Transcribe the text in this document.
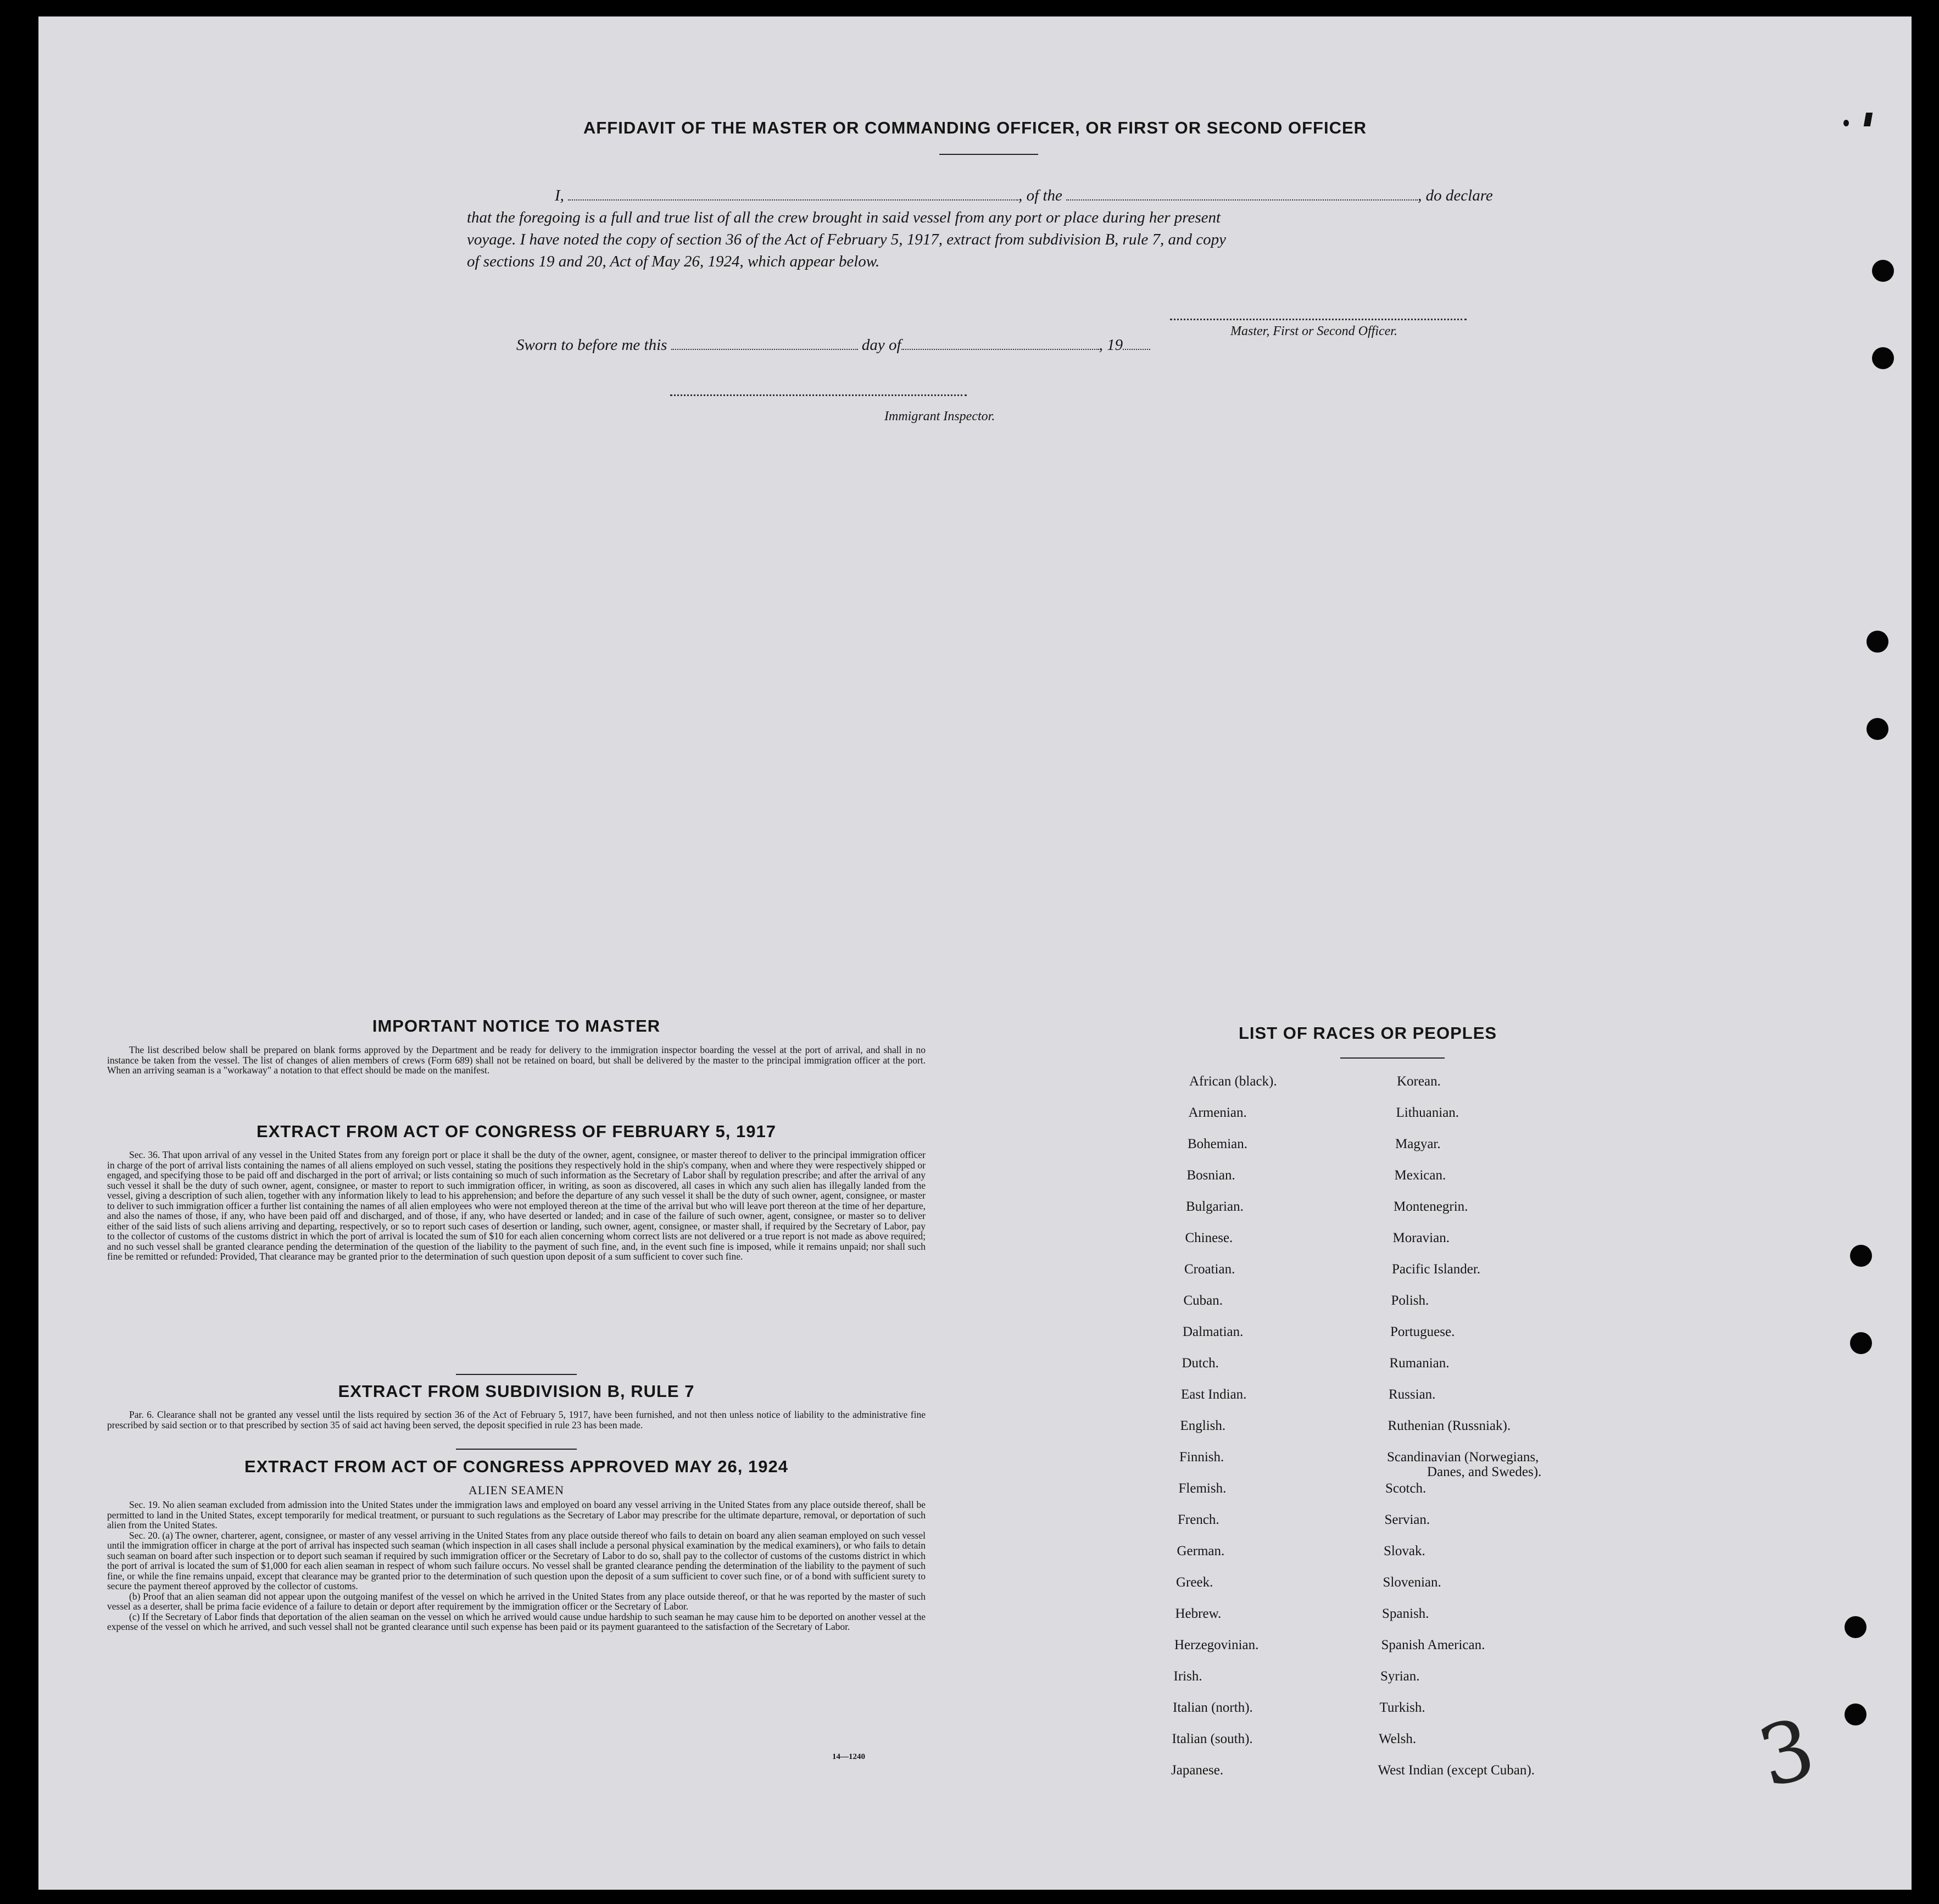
AFFIDAVIT OF THE MASTER OR COMMANDING OFFICER, OR FIRST OR SECOND OFFICER
I,	, of the	, do declare
that the foregoing is a full and true list of all the crew brought in said vessel from any port or place during her present
voyage. I have noted the copy of section 36 of the Act of February 5, 1917, extract from subdivision B, rule 7, and copy
of sections 19 and 20, Act of May 26, 1924, which appear below.
Master, First or Second Officer.
Sworn to before me this	day of	, 19
Immigrant Inspector.
IMPORTANT NOTICE TO MASTER

The list described below shall be prepared on blank forms approved by the Department and be ready for delivery to the immigration inspector boarding the vessel at the port of arrival, and shall in no instance be taken from the vessel. The list of changes of alien members of crews (Form 689) shall not be retained on board, but shall be delivered by the master to the principal immigration officer at the port. When an arriving seaman is a "workaway" a notation to that effect should be made on the manifest.

EXTRACT FROM ACT OF CONGRESS OF FEBRUARY 5, 1917

Sec. 36. That upon arrival of any vessel in the United States from any foreign port or place it shall be the duty of the owner, agent, consignee, or master thereof to deliver to the principal immigration officer in charge of the port of arrival lists containing the names of all aliens employed on such vessel, stating the positions they respectively hold in the ship's company, when and where they were respectively shipped or engaged, and specifying those to be paid off and discharged in the port of arrival; or lists containing so much of such information as the Secretary of Labor shall by regulation prescribe; and after the arrival of any such vessel it shall be the duty of such owner, agent, consignee, or master to report to such immigration officer, in writing, as soon as discovered, all cases in which any such alien has illegally landed from the vessel, giving a description of such alien, together with any information likely to lead to his apprehension; and before the departure of any such vessel it shall be the duty of such owner, agent, consignee, or master to deliver to such immigration officer a further list containing the names of all alien employees who were not employed thereon at the time of the arrival but who will leave port thereon at the time of her departure, and also the names of those, if any, who have been paid off and discharged, and of those, if any, who have deserted or landed; and in case of the failure of such owner, agent, consignee, or master so to deliver either of the said lists of such aliens arriving and departing, respectively, or so to report such cases of desertion or landing, such owner, agent, consignee, or master shall, if required by the Secretary of Labor, pay to the collector of customs of the customs district in which the port of arrival is located the sum of $10 for each alien concerning whom correct lists are not delivered or a true report is not made as above required; and no such vessel shall be granted clearance pending the determination of the question of the liability to the payment of such fine, and, in the event such fine is imposed, while it remains unpaid; nor shall such fine be remitted or refunded: Provided, That clearance may be granted prior to the determination of such question upon deposit of a sum sufficient to cover such fine.

EXTRACT FROM SUBDIVISION B, RULE 7

Par. 6. Clearance shall not be granted any vessel until the lists required by section 36 of the Act of February 5, 1917, have been furnished, and not then unless notice of liability to the administrative fine prescribed by said section or to that prescribed by section 35 of said act having been served, the deposit specified in rule 23 has been made.

EXTRACT FROM ACT OF CONGRESS APPROVED MAY 26, 1924
ALIEN SEAMEN

Sec. 19. No alien seaman excluded from admission into the United States under the immigration laws and employed on board any vessel arriving in the United States from any place outside thereof, shall be permitted to land in the United States, except temporarily for medical treatment, or pursuant to such regulations as the Secretary of Labor may prescribe for the ultimate departure, removal, or deportation of such alien from the United States.

Sec. 20. (a) The owner, charterer, agent, consignee, or master of any vessel arriving in the United States from any place outside thereof who fails to detain on board any alien seaman employed on such vessel until the immigration officer in charge at the port of arrival has inspected such seaman (which inspection in all cases shall include a personal physical examination by the medical examiners), or who fails to detain such seaman on board after such inspection or to deport such seaman if required by such immigration officer or the Secretary of Labor to do so, shall pay to the collector of customs of the customs district in which the port of arrival is located the sum of $1,000 for each alien seaman in respect of whom such failure occurs. No vessel shall be granted clearance pending the determination of the liability to the payment of such fine, or while the fine remains unpaid, except that clearance may be granted prior to the determination of such question upon the deposit of a sum sufficient to cover such fine, or of a bond with sufficient surety to secure the payment thereof approved by the collector of customs.

(b) Proof that an alien seaman did not appear upon the outgoing manifest of the vessel on which he arrived in the United States from any place outside thereof, or that he was reported by the master of such vessel as a deserter, shall be prima facie evidence of a failure to detain or deport after requirement by the immigration officer or the Secretary of Labor.

(c) If the Secretary of Labor finds that deportation of the alien seaman on the vessel on which he arrived would cause undue hardship to such seaman he may cause him to be deported on another vessel at the expense of the vessel on which he arrived, and such vessel shall not be granted clearance until such expense has been paid or its payment guaranteed to the satisfaction of the Secretary of Labor.

14—1240
LIST OF RACES OR PEOPLES
African (black).
Armenian.
Bohemian.
Bosnian.
Bulgarian.
Chinese.
Croatian.
Cuban.
Dalmatian.
Dutch.
East Indian.
English.
Finnish.
Flemish.
French.
German.
Greek.
Hebrew.
Herzegovinian.
Irish.
Italian (north).
Italian (south).
Japanese.
Korean.
Lithuanian.
Magyar.
Mexican.
Montenegrin.
Moravian.
Pacific Islander.
Polish.
Portuguese.
Rumanian.
Russian.
Ruthenian (Russniak).
Scandinavian (Norwegians,
Danes, and Swedes).
Scotch.
Servian.
Slovak.
Slovenian.
Spanish.
Spanish American.
Syrian.
Turkish.
Welsh.
West Indian (except Cuban).	3
